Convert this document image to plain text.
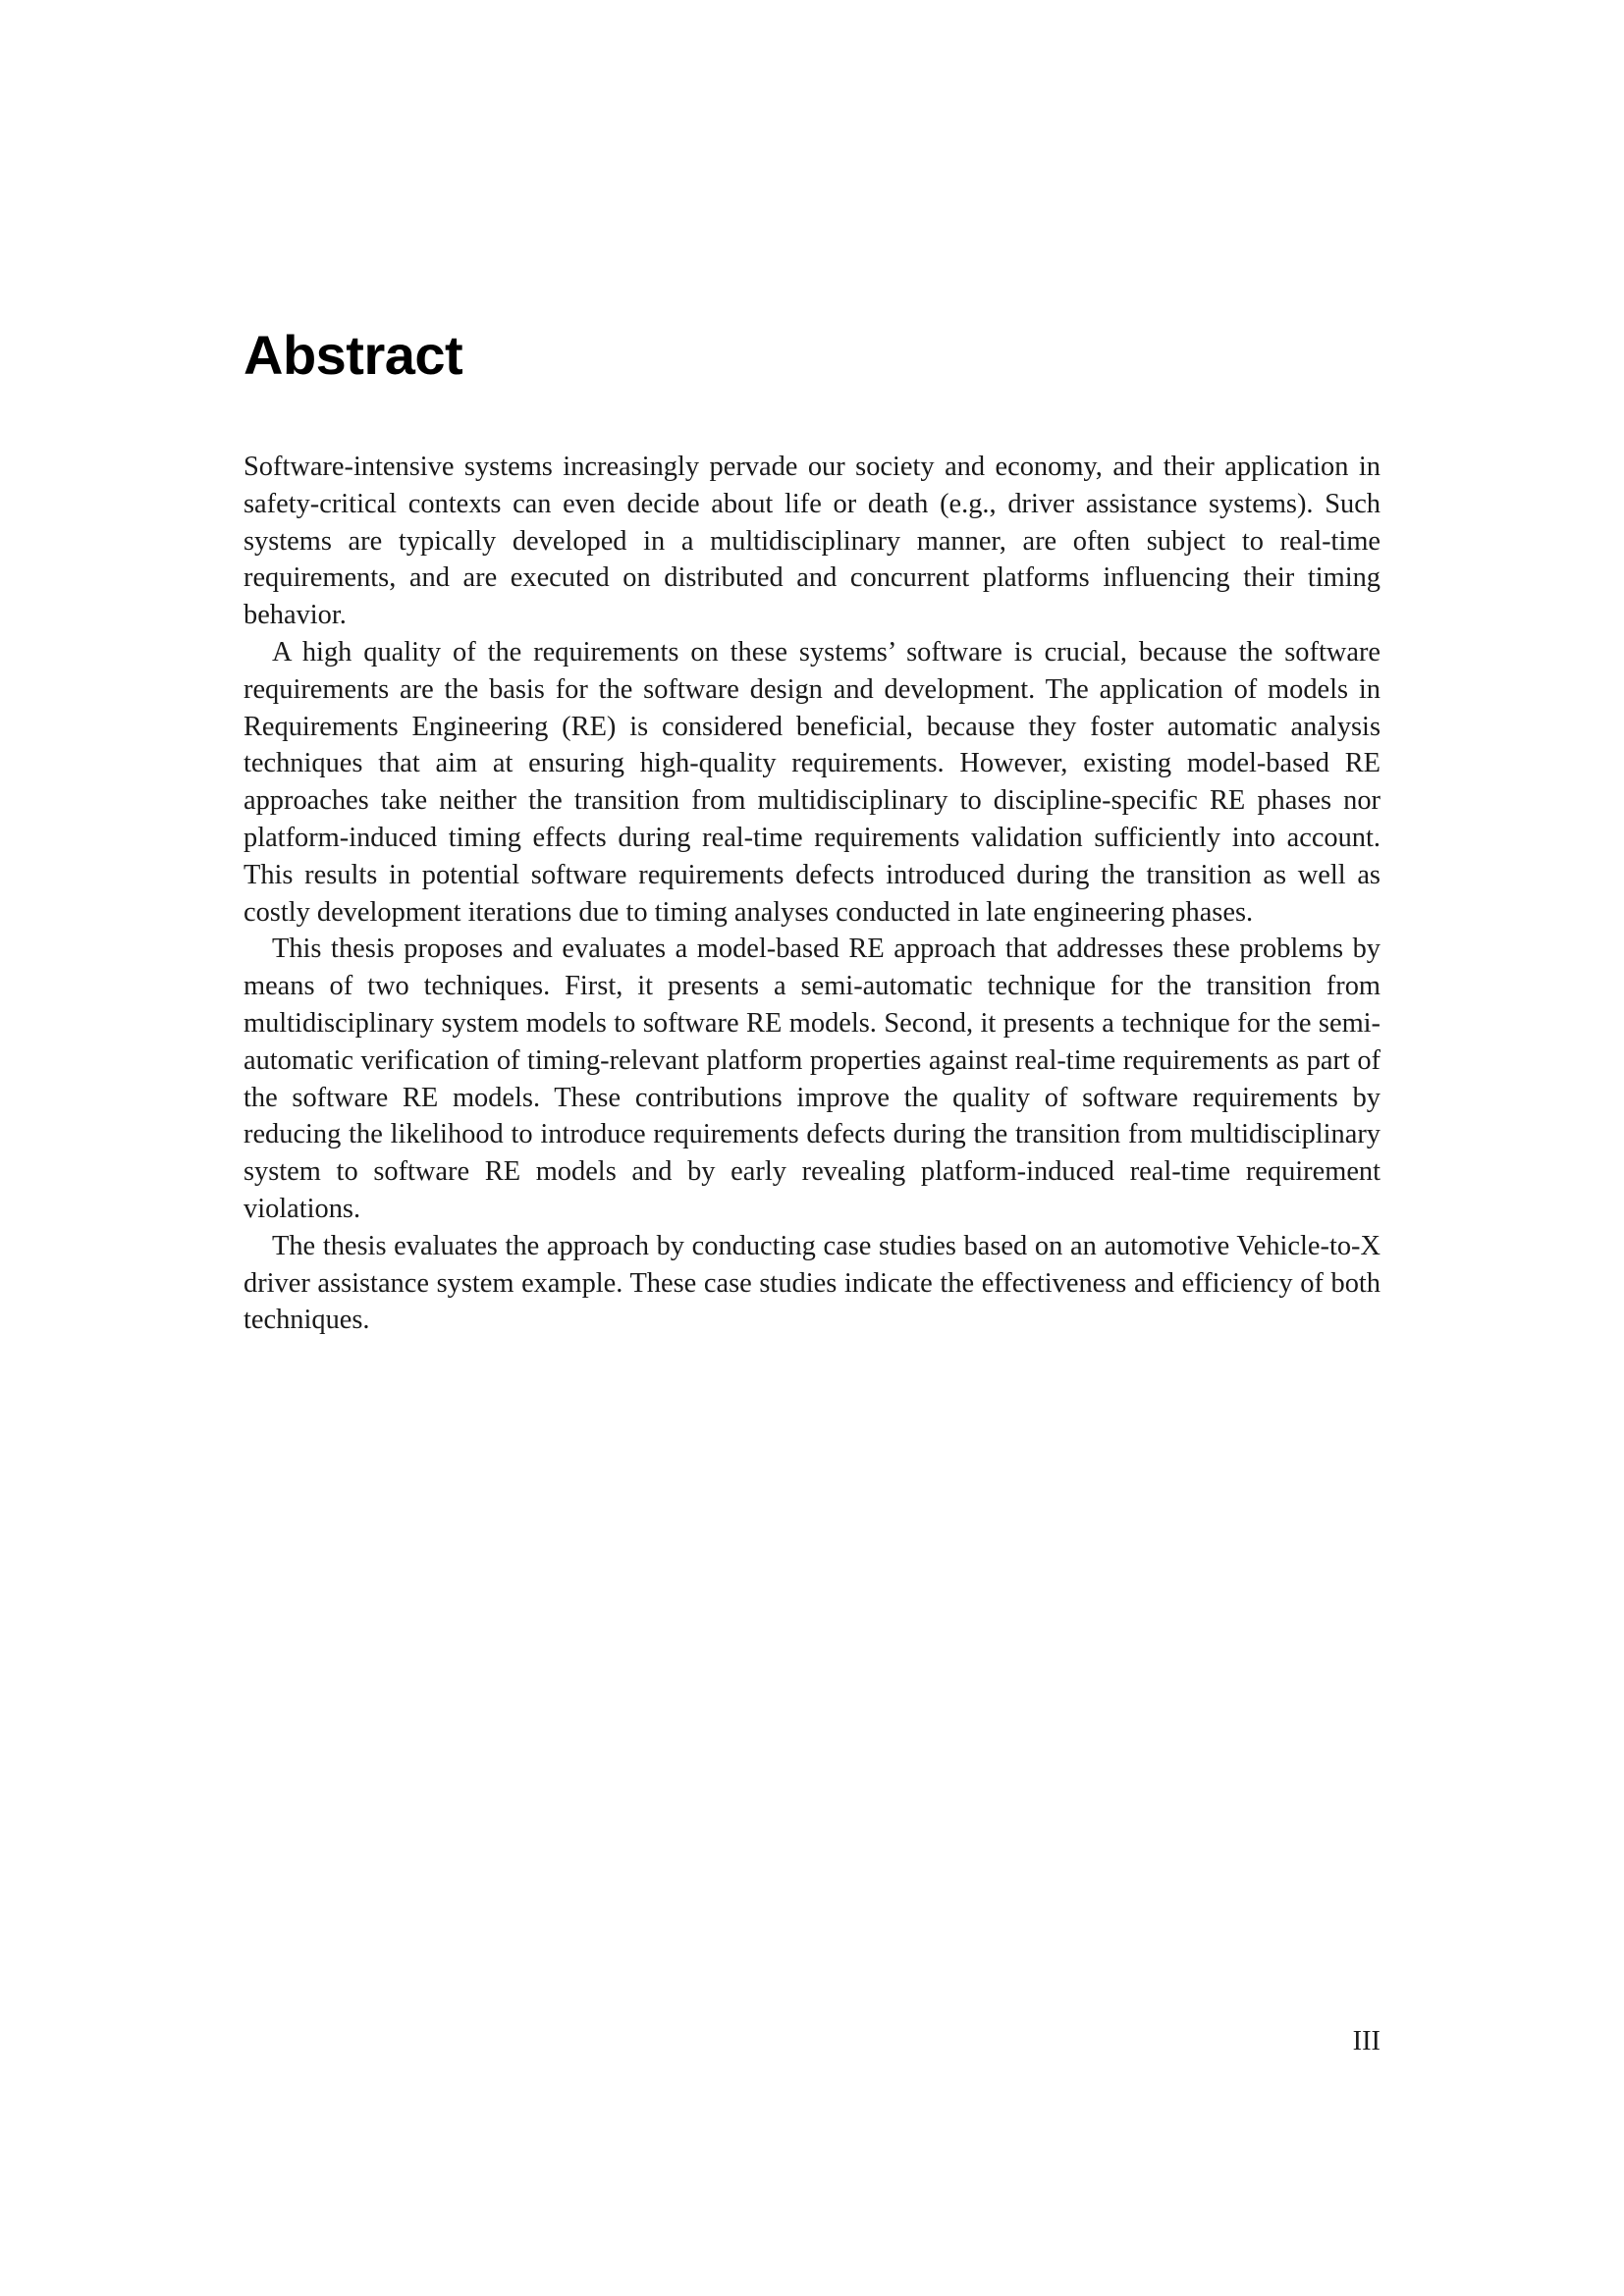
Abstract

Software-intensive systems increasingly pervade our society and economy, and their application in safety-critical contexts can even decide about life or death (e.g., driver assistance systems). Such systems are typically developed in a multidisciplinary manner, are often subject to real-time requirements, and are executed on distributed and concurrent platforms influencing their timing behavior.

A high quality of the requirements on these systems’ software is crucial, because the software requirements are the basis for the software design and development. The application of models in Requirements Engineering (RE) is considered beneficial, because they foster automatic analysis techniques that aim at ensuring high-quality requirements. However, existing model-based RE approaches take neither the transition from multidisciplinary to discipline-specific RE phases nor platform-induced timing effects during real-time requirements validation sufficiently into account. This results in potential software requirements defects introduced during the transition as well as costly development iterations due to timing analyses conducted in late engineering phases.

This thesis proposes and evaluates a model-based RE approach that addresses these problems by means of two techniques. First, it presents a semi-automatic technique for the transition from multidisciplinary system models to software RE models. Second, it presents a technique for the semi-automatic verification of timing-relevant platform properties against real-time requirements as part of the software RE models. These contributions improve the quality of software requirements by reducing the likelihood to introduce requirements defects during the transition from multidisciplinary system to software RE models and by early revealing platform-induced real-time requirement violations.

The thesis evaluates the approach by conducting case studies based on an automotive Vehicle-to-X driver assistance system example. These case studies indicate the effectiveness and efficiency of both techniques.

III
